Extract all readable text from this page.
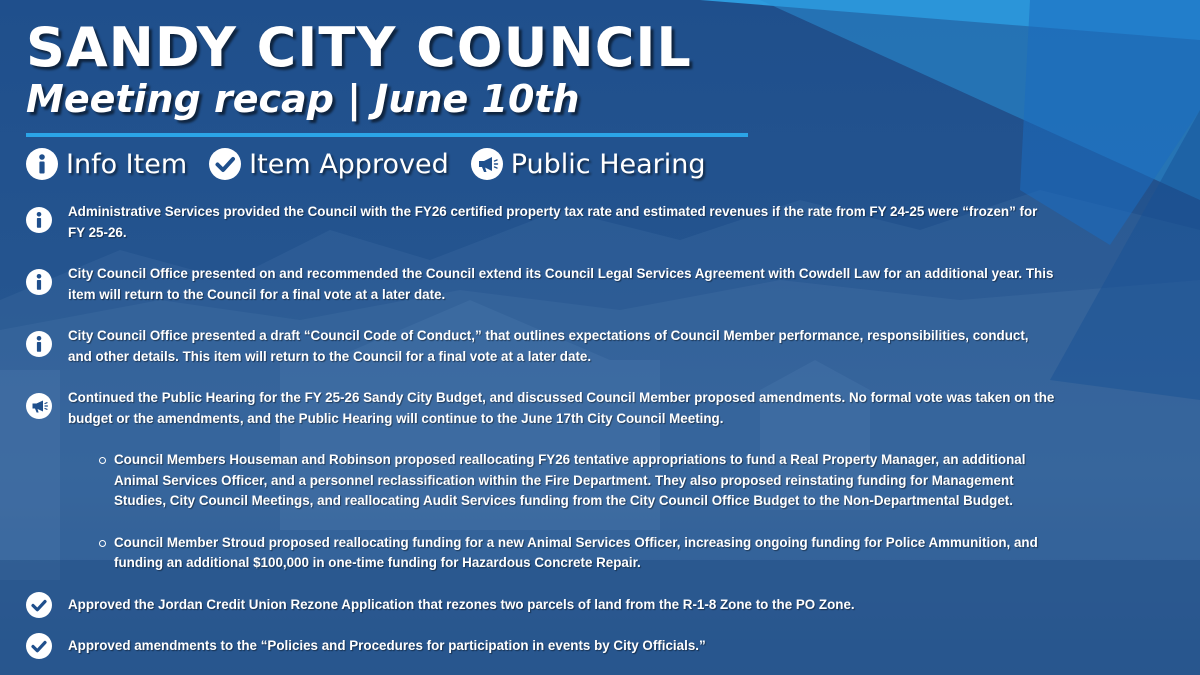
SANDY CITY COUNCIL
Meeting recap | June 10th
Info Item Item Approved Public Hearing
Administrative Services provided the Council with the FY26 certified property tax rate and estimated revenues if the rate from FY 24-25 were “frozen” for FY 25-26.
City Council Office presented on and recommended the Council extend its Council Legal Services Agreement with Cowdell Law for an additional year. This item will return to the Council for a final vote at a later date.
City Council Office presented a draft “Council Code of Conduct,” that outlines expectations of Council Member performance, responsibilities, conduct, and other details. This item will return to the Council for a final vote at a later date.
Continued the Public Hearing for the FY 25-26 Sandy City Budget, and discussed Council Member proposed amendments. No formal vote was taken on the budget or the amendments, and the Public Hearing will continue to the June 17th City Council Meeting.
Council Members Houseman and Robinson proposed reallocating FY26 tentative appropriations to fund a Real Property Manager, an additional Animal Services Officer, and a personnel reclassification within the Fire Department. They also proposed reinstating funding for Management Studies, City Council Meetings, and reallocating Audit Services funding from the City Council Office Budget to the Non-Departmental Budget.
Council Member Stroud proposed reallocating funding for a new Animal Services Officer, increasing ongoing funding for Police Ammunition, and funding an additional $100,000 in one-time funding for Hazardous Concrete Repair.
Approved the Jordan Credit Union Rezone Application that rezones two parcels of land from the R-1-8 Zone to the PO Zone.
Approved amendments to the “Policies and Procedures for participation in events by City Officials.”
